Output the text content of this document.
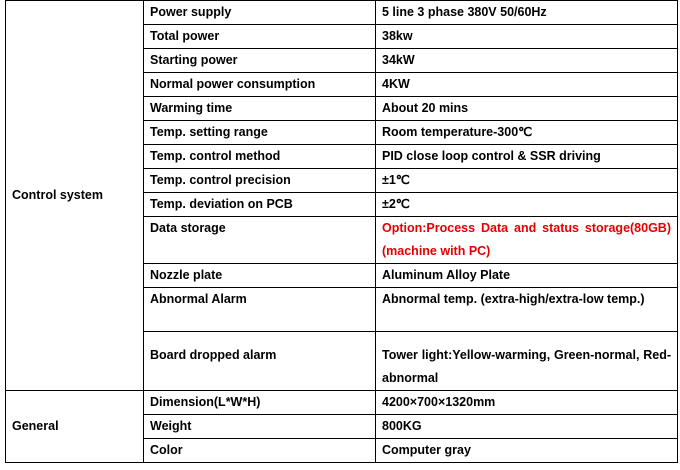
Control system	Power supply	5 line 3 phase 380V 50/60Hz
	Total power	38kw
	Starting power	34kW
	Normal power consumption	4KW
	Warming time	About 20 mins
	Temp. setting range	Room temperature-300℃
	Temp. control method	PID close loop control & SSR driving
	Temp. control precision	±1℃
	Temp. deviation on PCB	±2℃
	Data storage	Option:Process Data and status storage(80GB)(machine with PC)
	Nozzle plate	Aluminum Alloy Plate
	Abnormal Alarm	Abnormal temp. (extra-high/extra-low temp.)
	Board dropped alarm	Tower light:Yellow-warming, Green-normal, Red-abnormal
General	Dimension(L*W*H)	4200×700×1320mm
	Weight	800KG
	Color	Computer gray
